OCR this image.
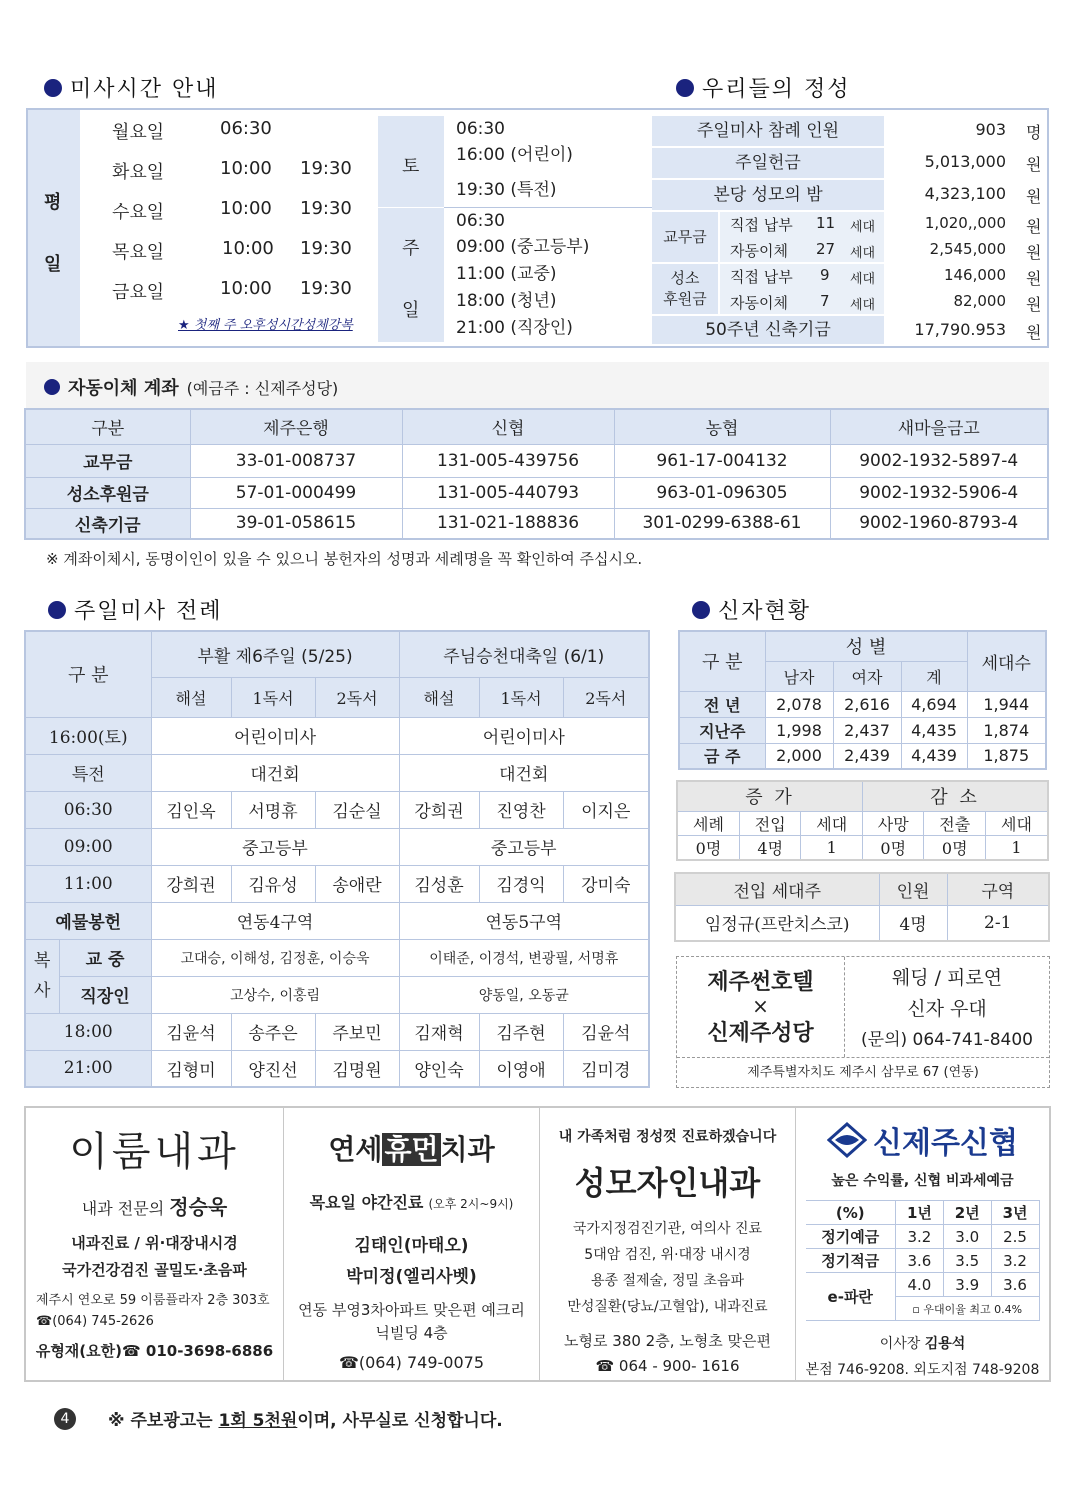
미사시간 안내	우리들의 정성
평
일
월요일	06:30
화요일	10:00	19:30
수요일	10:00	19:30
목요일	10:00	19:30
금요일	10:00	19:30
★ 첫째 주 오후성시간성체강복
토
주
일
06:30
16:00 (어린이)
19:30 (특전)
06:30
09:00 (중고등부)
11:00 (교중)
18:00 (청년)
21:00 (직장인)
주일미사 참례 인원	903 명
주일헌금	5,013,000 원
본당 성모의 밤	4,323,100 원
교무금
직접 납부 11 세대	1,020,,000 원
자동이체 27 세대	2,545,000 원
성소
후원금
직접 납부 9 세대	146,000 원
자동이체 7 세대	82,000 원
50주년 신축기금	17,790.953 원
자동이체 계좌 (예금주 : 신제주성당)
구분	제주은행	신협	농협	새마을금고
교무금	33-01-008737	131-005-439756	961-17-004132	9002-1932-5897-4
성소후원금	57-01-000499	131-005-440793	963-01-096305	9002-1932-5906-4
신축기금	39-01-058615	131-021-188836	301-0299-6388-61	9002-1960-8793-4
※ 계좌이체시, 동명이인이 있을 수 있으니 봉헌자의 성명과 세례명을 꼭 확인하여 주십시오.
주일미사 전례	신자현황
구 분		부활 제6주일 (5/25)			주님승천대축일 (6/1)		
		해설	1독서	2독서	해설	1독서	2독서
16:00(토)		어린이미사			어린이미사		
특전		대건회			대건회		
06:30		김인옥	서명휴	김순실	강희권	진영찬	이지은
09:00		중고등부			중고등부		
11:00		강희권	김유성	송애란	김성훈	김경익	강미숙
예물봉헌		연동4구역			연동5구역		

복
사	교 중	고대승, 이해성, 김정훈, 이승욱			이태준, 이경석, 변광필, 서명휴		
	직장인	고상수, 이홍림			양동일, 오동균		
18:00		김윤석	송주은	주보민	김재혁	김주현	김윤석
21:00		김형미	양진선	김명원	양인숙	이영애	김미경
구 분	성 별			세대수
	남자	여자	계	
전 년	2,078	2,616	4,694	1,944
지난주	1,998	2,437	4,435	1,874
금 주	2,000	2,439	4,439	1,875
증 가			감 소		
세례	전입	세대	사망	전출	세대
0명	4명	1	0명	0명	1
전입 세대주	인원	구역
임정규(프란치스코)	4명	2-1
제주썬호텔
×
신제주성당
웨딩 / 피로연
신자 우대
(문의) 064-741-8400
제주특별자치도 제주시 삼무로 67 (연동)
이룸내과
내과 전문의 정승욱
내과진료 / 위·대장내시경
국가건강검진 골밀도·초음파
제주시 연오로 59 이룸플라자 2층 303호 ☎(064) 745-2626
유형재(요한)☎ 010-3698-6886
연세휴먼치과
목요일 야간진료 (오후 2시~9시)
김태인(마태오)
박미정(엘리사벳)
연동 부영3차아파트 맞은편 예크리닉빌딩 4층
☎(064) 749-0075
내 가족처럼 정성껏 진료하겠습니다
성모자인내과
국가지정검진기관, 여의사 진료
5대암 검진, 위·대장 내시경
용종 절제술, 정밀 초음파
만성질환(당뇨/고혈압), 내과진료
노형로 380 2층, 노형초 맞은편
☎ 064 - 900- 1616
신제주신협
높은 수익률, 신협 비과세예금
(%)	1년	2년	3년
정기예금	3.2	3.0	2.5
정기적금	3.6	3.5	3.2
e-파란	4.0	3.9	3.6
	▫ 우대이율 최고 0.4%		
이사장 김용석
본점 746-9208. 외도지점 748-9208
4	※ 주보광고는 1회 5천원이며, 사무실로 신청합니다.
